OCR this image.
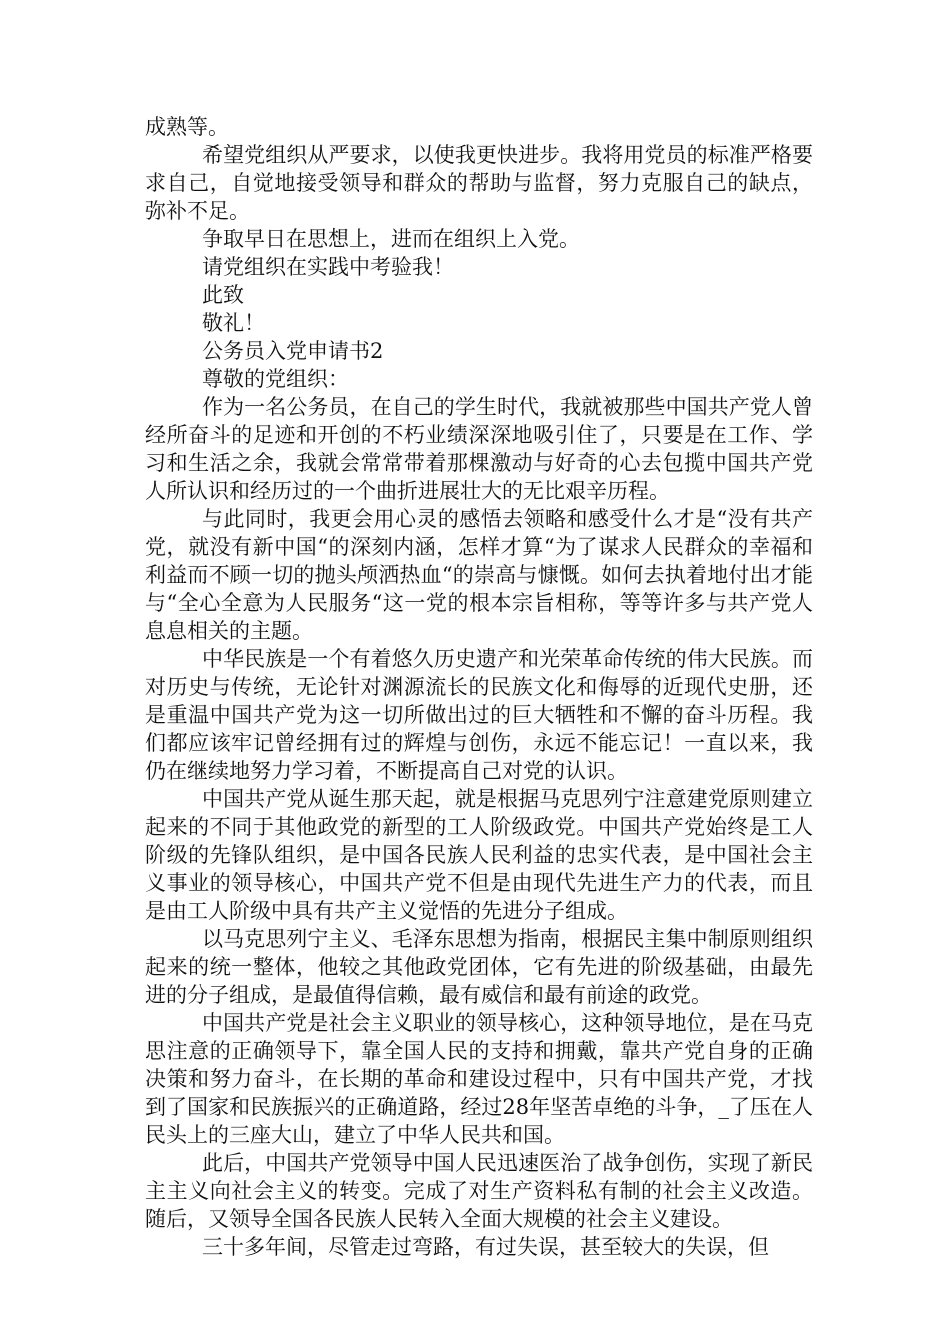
成熟等。

希望党组织从严要求，以使我更快进步。我将用党员的标准严格要求自己，自觉地接受领导和群众的帮助与监督，努力克服自己的缺点，弥补不足。

争取早日在思想上，进而在组织上入党。

请党组织在实践中考验我！

此致

敬礼！

公务员入党申请书2

尊敬的党组织：

作为一名公务员，在自己的学生时代，我就被那些中国共产党人曾经所奋斗的足迹和开创的不朽业绩深深地吸引住了，只要是在工作、学习和生活之余，我就会常常带着那棵激动与好奇的心去包揽中国共产党人所认识和经历过的一个曲折进展壮大的无比艰辛历程。

与此同时，我更会用心灵的感悟去领略和感受什么才是“没有共产党，就没有新中国“的深刻内涵，怎样才算“为了谋求人民群众的幸福和利益而不顾一切的抛头颅洒热血“的崇高与慷慨。如何去执着地付出才能与“全心全意为人民服务“这一党的根本宗旨相称，等等许多与共产党人息息相关的主题。

中华民族是一个有着悠久历史遗产和光荣革命传统的伟大民族。而对历史与传统，无论针对渊源流长的民族文化和侮辱的近现代史册，还是重温中国共产党为这一切所做出过的巨大牺牲和不懈的奋斗历程。我们都应该牢记曾经拥有过的辉煌与创伤，永远不能忘记！一直以来，我仍在继续地努力学习着，不断提高自己对党的认识。

中国共产党从诞生那天起，就是根据马克思列宁注意建党原则建立起来的不同于其他政党的新型的工人阶级政党。中国共产党始终是工人阶级的先锋队组织，是中国各民族人民利益的忠实代表，是中国社会主义事业的领导核心，中国共产党不但是由现代先进生产力的代表，而且是由工人阶级中具有共产主义觉悟的先进分子组成。

以马克思列宁主义、毛泽东思想为指南，根据民主集中制原则组织起来的统一整体，他较之其他政党团体，它有先进的阶级基础，由最先进的分子组成，是最值得信赖，最有威信和最有前途的政党。

中国共产党是社会主义职业的领导核心，这种领导地位，是在马克思注意的正确领导下，靠全国人民的支持和拥戴，靠共产党自身的正确决策和努力奋斗，在长期的革命和建设过程中，只有中国共产党，才找到了国家和民族振兴的正确道路，经过28年坚苦卓绝的斗争，_了压在人民头上的三座大山，建立了中华人民共和国。

此后，中国共产党领导中国人民迅速医治了战争创伤，实现了新民主主义向社会主义的转变。完成了对生产资料私有制的社会主义改造。随后，又领导全国各民族人民转入全面大规模的社会主义建设。

三十多年间，尽管走过弯路，有过失误，甚至较大的失误，但
